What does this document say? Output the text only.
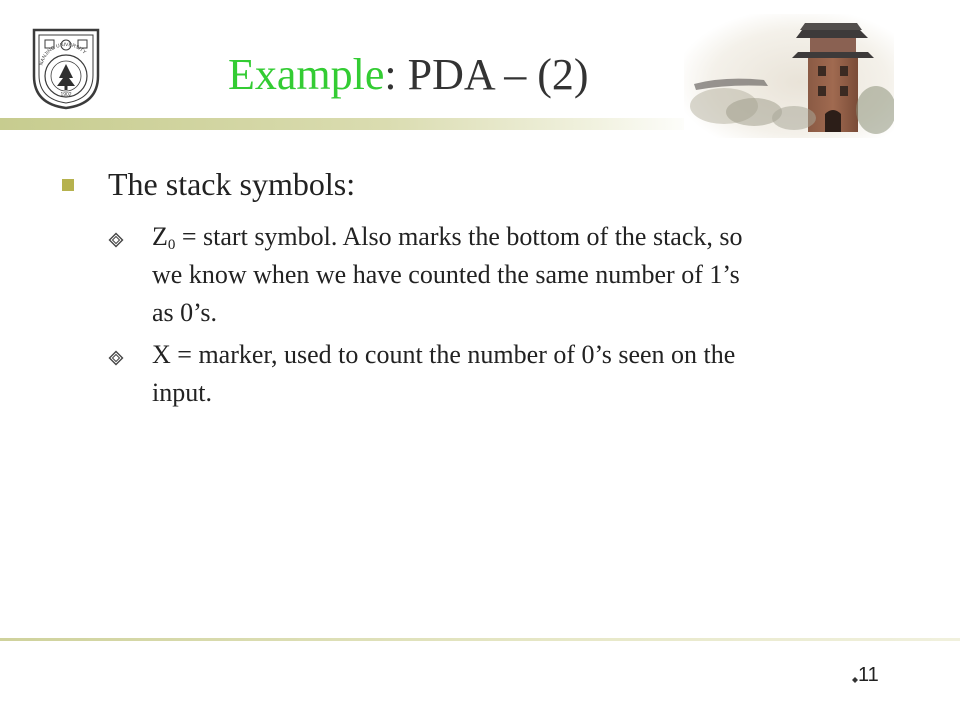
NANJING UNIVERSITY
1902	Example: PDA – (2)
The stack symbols:
$Z_0$ = start symbol. Also marks the bottom of the stack, so
we know when we have counted the same number of 1’s
as 0’s.
X = marker, used to count the number of 0’s seen on the
input.
11
